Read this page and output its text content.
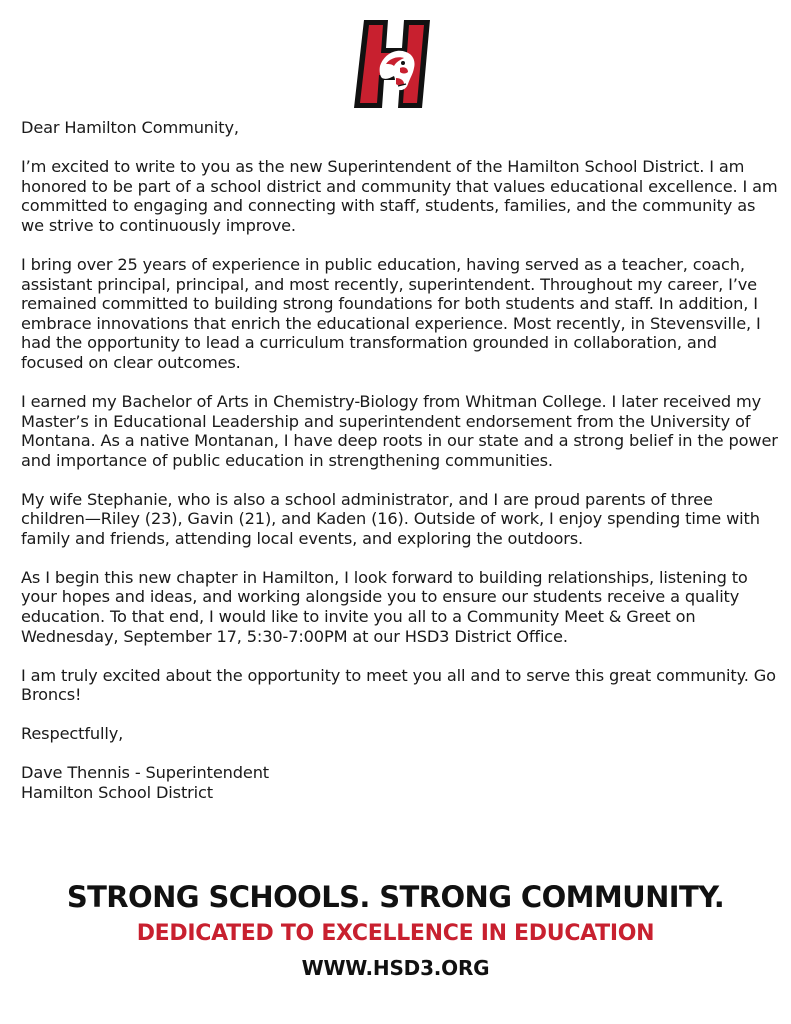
Dear Hamilton Community,

I’m excited to write to you as the new Superintendent of the Hamilton School District. I am honored to be part of a school district and community that values educational excellence. I am committed to engaging and connecting with staff, students, families, and the community as we strive to continuously improve.

I bring over 25 years of experience in public education, having served as a teacher, coach, assistant principal, principal, and most recently, superintendent. Throughout my career, I’ve remained committed to building strong foundations for both students and staff. In addition, I embrace innovations that enrich the educational experience. Most recently, in Stevensville, I had the opportunity to lead a curriculum transformation grounded in collaboration, and focused on clear outcomes.

I earned my Bachelor of Arts in Chemistry-Biology from Whitman College. I later received my Master’s in Educational Leadership and superintendent endorsement from the University of Montana. As a native Montanan, I have deep roots in our state and a strong belief in the power and importance of public education in strengthening communities.

My wife Stephanie, who is also a school administrator, and I are proud parents of three children—Riley (23), Gavin (21), and Kaden (16). Outside of work, I enjoy spending time with family and friends, attending local events, and exploring the outdoors.

As I begin this new chapter in Hamilton, I look forward to building relationships, listening to your hopes and ideas, and working alongside you to ensure our students receive a quality education. To that end, I would like to invite you all to a Community Meet & Greet on Wednesday, September 17, 5:30-7:00PM at our HSD3 District Office.

I am truly excited about the opportunity to meet you all and to serve this great community. Go Broncs!

Respectfully,

Dave Thennis - Superintendent
Hamilton School District

STRONG SCHOOLS. STRONG COMMUNITY.
DEDICATED TO EXCELLENCE IN EDUCATION
WWW.HSD3.ORG
